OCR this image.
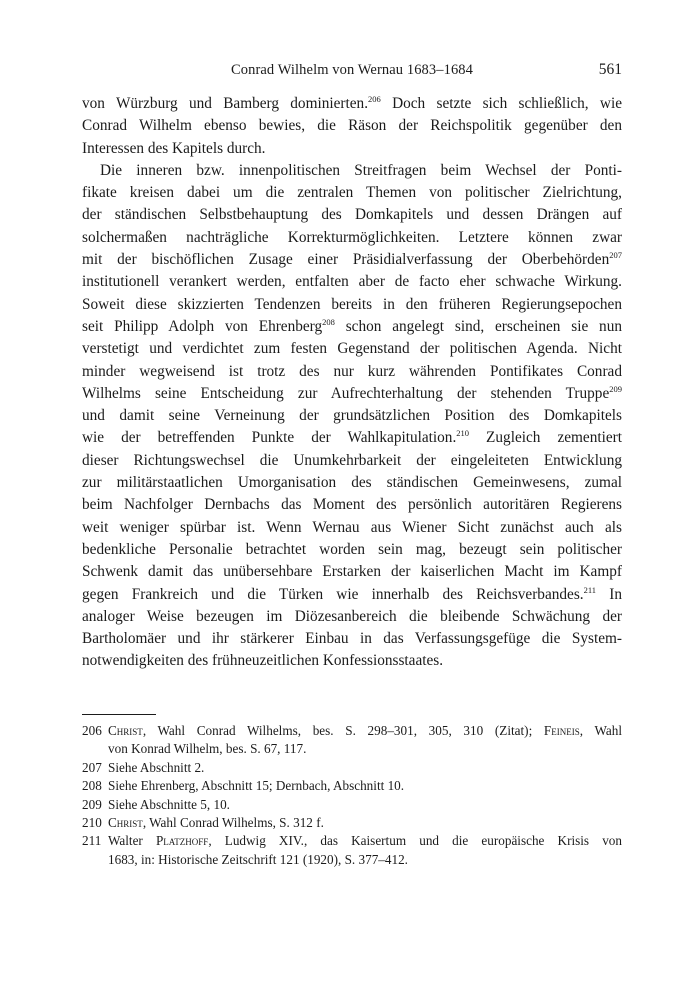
Conrad Wilhelm von Wernau 1683–1684	561
von Würzburg und Bamberg dominierten.$^{206}$ Doch setzte sich schließlich, wie
Conrad Wilhelm ebenso bewies, die Räson der Reichspolitik gegenüber den
Interessen des Kapitels durch.
Die inneren bzw. innenpolitischen Streitfragen beim Wechsel der Ponti-
fikate kreisen dabei um die zentralen Themen von politischer Zielrichtung,
der ständischen Selbstbehauptung des Domkapitels und dessen Drängen auf
solchermaßen nachträgliche Korrekturmöglichkeiten. Letztere können zwar
mit der bischöflichen Zusage einer Präsidialverfassung der Oberbehörden$^{207}$
institutionell verankert werden, entfalten aber de facto eher schwache Wirkung.
Soweit diese skizzierten Tendenzen bereits in den früheren Regierungsepochen
seit Philipp Adolph von Ehrenberg$^{208}$ schon angelegt sind, erscheinen sie nun
verstetigt und verdichtet zum festen Gegenstand der politischen Agenda. Nicht
minder wegweisend ist trotz des nur kurz währenden Pontifikates Conrad
Wilhelms seine Entscheidung zur Aufrechterhaltung der stehenden Truppe$^{209}$
und damit seine Verneinung der grundsätzlichen Position des Domkapitels
wie der betreffenden Punkte der Wahlkapitulation.$^{210}$ Zugleich zementiert
dieser Richtungswechsel die Unumkehrbarkeit der eingeleiteten Entwicklung
zur militärstaatlichen Umorganisation des ständischen Gemeinwesens, zumal
beim Nachfolger Dernbachs das Moment des persönlich autoritären Regierens
weit weniger spürbar ist. Wenn Wernau aus Wiener Sicht zunächst auch als
bedenkliche Personalie betrachtet worden sein mag, bezeugt sein politischer
Schwenk damit das unübersehbare Erstarken der kaiserlichen Macht im Kampf
gegen Frankreich und die Türken wie innerhalb des Reichsverbandes.$^{211}$ In
analoger Weise bezeugen im Diözesanbereich die bleibende Schwächung der
Bartholomäer und ihr stärkerer Einbau in das Verfassungsgefüge die System-
notwendigkeiten des frühneuzeitlichen Konfessionsstaates.
206 Christ, Wahl Conrad Wilhelms, bes. S. 298–301, 305, 310 (Zitat); Feineis, Wahl
von Konrad Wilhelm, bes. S. 67, 117.
207 Siehe Abschnitt 2.
208 Siehe Ehrenberg, Abschnitt 15; Dernbach, Abschnitt 10.
209 Siehe Abschnitte 5, 10.
210 Christ, Wahl Conrad Wilhelms, S. 312 f.
211 Walter Platzhoff, Ludwig XIV., das Kaisertum und die europäische Krisis von
1683, in: Historische Zeitschrift 121 (1920), S. 377–412.
